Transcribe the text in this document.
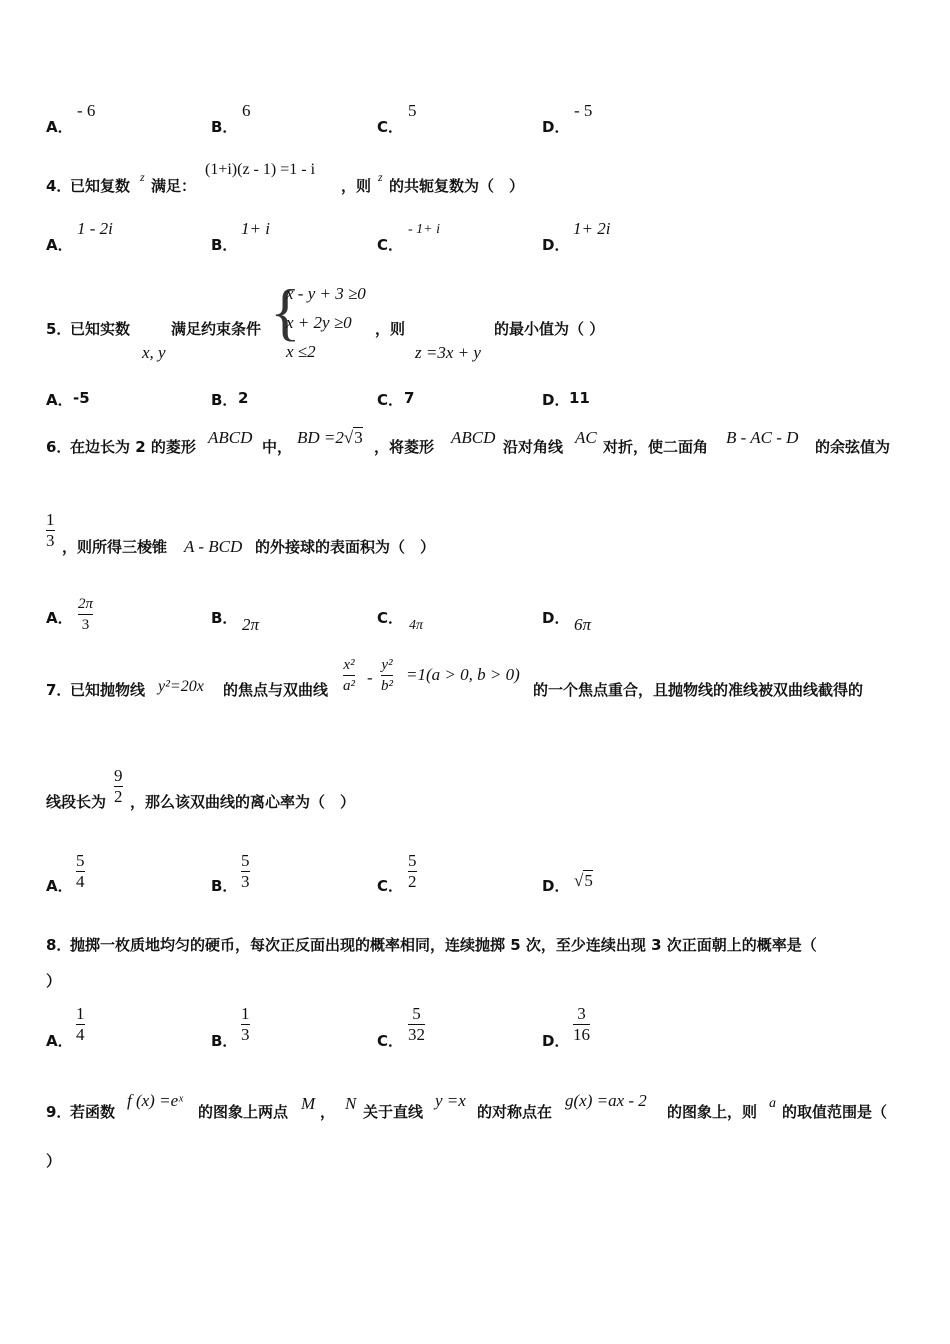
A．
- 6
B．
6
C．
5
D．
- 5
4．
已知复数 z 满足：
(1+i)(z - 1) =1 - i
，则 z 的共轭复数为（　）
A．
1 - 2i
B．
1+ i
C．
- 1+ i
D．
1+ 2i
5．
已知实数
x, y
满足约束条件 {
x - y + 3 ≥0
x + 2y ≥0
x ≤2
，则
z =3x + y
的最小值为（ ）
A． -5	B． 2	C． 7	D． 11
6．
在边长为 2 的菱形 ABCD 中， BD =2√3 ，将菱形 ABCD 沿对角线 AC 对折，使二面角 B - AC - D 的余弦值为
1
3 ，则所得三棱锥 A - BCD 的外接球的表面积为（　）
A．
2π
3	B． 2π	C． 4π	D． 6π
7．
已知抛物线 y²=20x 的焦点与双曲线
x²
a² -
y²
b²
=1(a > 0, b > 0)
的一个焦点重合，且抛物线的准线被双曲线截得的
线段长为
9
2 ，那么该双曲线的离心率为（　）
A．
5
4	B．
5
3	C．
5
2	D． √5
8．
抛掷一枚质地均匀的硬币，每次正反面出现的概率相同，连续抛掷 5 次，至少连续出现 3 次正面朝上的概率是（
）
A．
1
4	B．
1
3	C．
5
32	D．
3
16
9．
若函数
f (x) =eˣ
的图象上两点 M ， N 关于直线
y =x
的对称点在
g(x) =ax - 2
的图象上，则 a 的取值范围是（
）
